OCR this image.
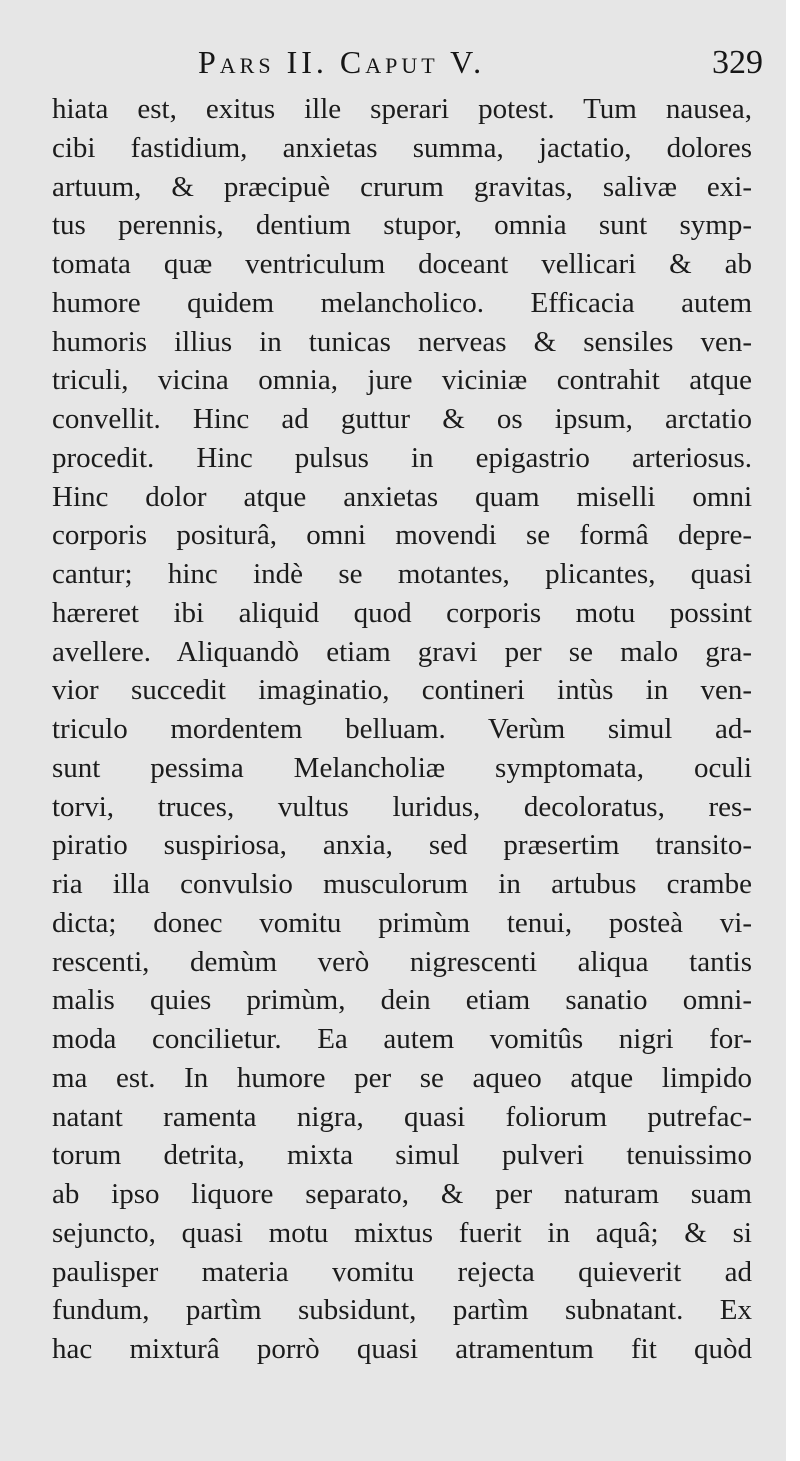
Pars II. Caput V.	329
hiata est, exitus ille sperari potest. Tum nausea,
cibi fastidium, anxietas summa, jactatio, dolores
artuum, & præcipuè crurum gravitas, salivæ exi-
tus perennis, dentium stupor, omnia sunt symp-
tomata quæ ventriculum doceant vellicari & ab
humore quidem melancholico. Efficacia autem
humoris illius in tunicas nerveas & sensiles ven-
triculi, vicina omnia, jure viciniæ contrahit atque
convellit. Hinc ad guttur & os ipsum, arctatio
procedit. Hinc pulsus in epigastrio arteriosus.
Hinc dolor atque anxietas quam miselli omni
corporis positurâ, omni movendi se formâ depre-
cantur; hinc indè se motantes, plicantes, quasi
hæreret ibi aliquid quod corporis motu possint
avellere. Aliquandò etiam gravi per se malo gra-
vior succedit imaginatio, contineri intùs in ven-
triculo mordentem belluam. Verùm simul ad-
sunt pessima Melancholiæ symptomata, oculi
torvi, truces, vultus luridus, decoloratus, res-
piratio suspiriosa, anxia, sed præsertim transito-
ria illa convulsio musculorum in artubus crambe
dicta; donec vomitu primùm tenui, posteà vi-
rescenti, demùm verò nigrescenti aliqua tantis
malis quies primùm, dein etiam sanatio omni-
moda concilietur. Ea autem vomitûs nigri for-
ma est. In humore per se aqueo atque limpido
natant ramenta nigra, quasi foliorum putrefac-
torum detrita, mixta simul pulveri tenuissimo
ab ipso liquore separato, & per naturam suam
sejuncto, quasi motu mixtus fuerit in aquâ; & si
paulisper materia vomitu rejecta quieverit ad
fundum, partìm subsidunt, partìm subnatant. Ex
hac mixturâ porrò quasi atramentum fit quòd
